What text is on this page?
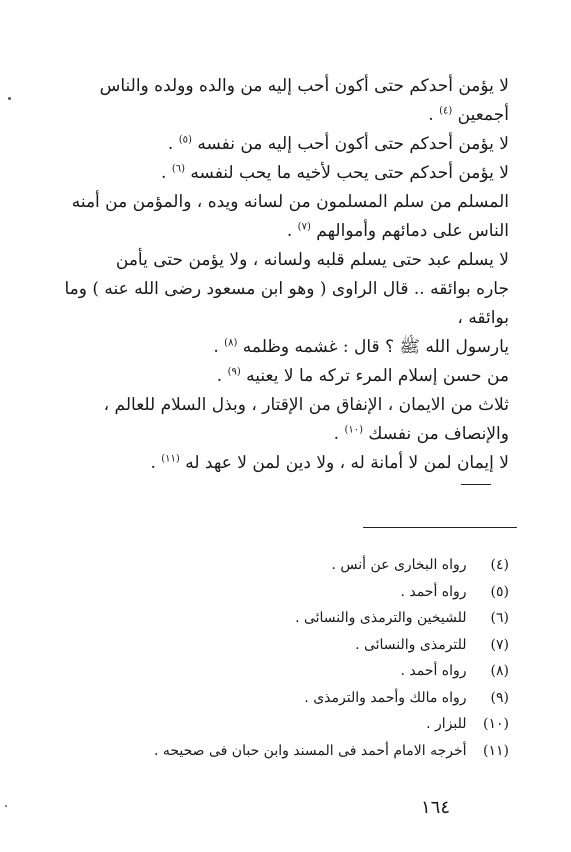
لا يؤمن أحدكم حتى أكون أحب إليه من والده وولده والناس

أجمعين $^{(٤)}$ .

لا يؤمن أحدكم حتى أكون أحب إليه من نفسه $^{(٥)}$ .

لا يؤمن أحدكم حتى يحب لأخيه ما يحب لنفسه $^{(٦)}$ .

المسلم من سلم المسلمون من لسانه ويده ، والمؤمن من أمنه

الناس على دمائهم وأموالهم $^{(٧)}$ .

لا يسلم عبد حتى يسلم قلبه ولسانه ، ولا يؤمن حتى يأمن

جاره بوائقه .. قال الراوى ( وهو ابن مسعود رضى الله عنه ) وما بوائقه ،

يارسول الله ﷺ ؟ قال : غشمه وظلمه $^{(٨)}$ .

من حسن إسلام المرء تركه ما لا يعنيه $^{(٩)}$ .

ثلاث من الايمان ، الإنفاق من الإقتار ، وبذل السلام للعالم ،

والإنصاف من نفسك $^{(١٠)}$ .

لا إيمان لمن لا أمانة له ، ولا دين لمن لا عهد له $^{(١١)}$ .

(٤) رواه البخارى عن أنس .
(٥) رواه أحمد .
(٦) للشيخين والترمذى والنسائى .
(٧) للترمذى والنسائى .
(٨) رواه أحمد .
(٩) رواه مالك وأحمد والترمذى .
(١٠) للبزار .
(١١) أخرجه الامام أحمد فى المسند وابن حبان فى صحيحه .
١٦٤
